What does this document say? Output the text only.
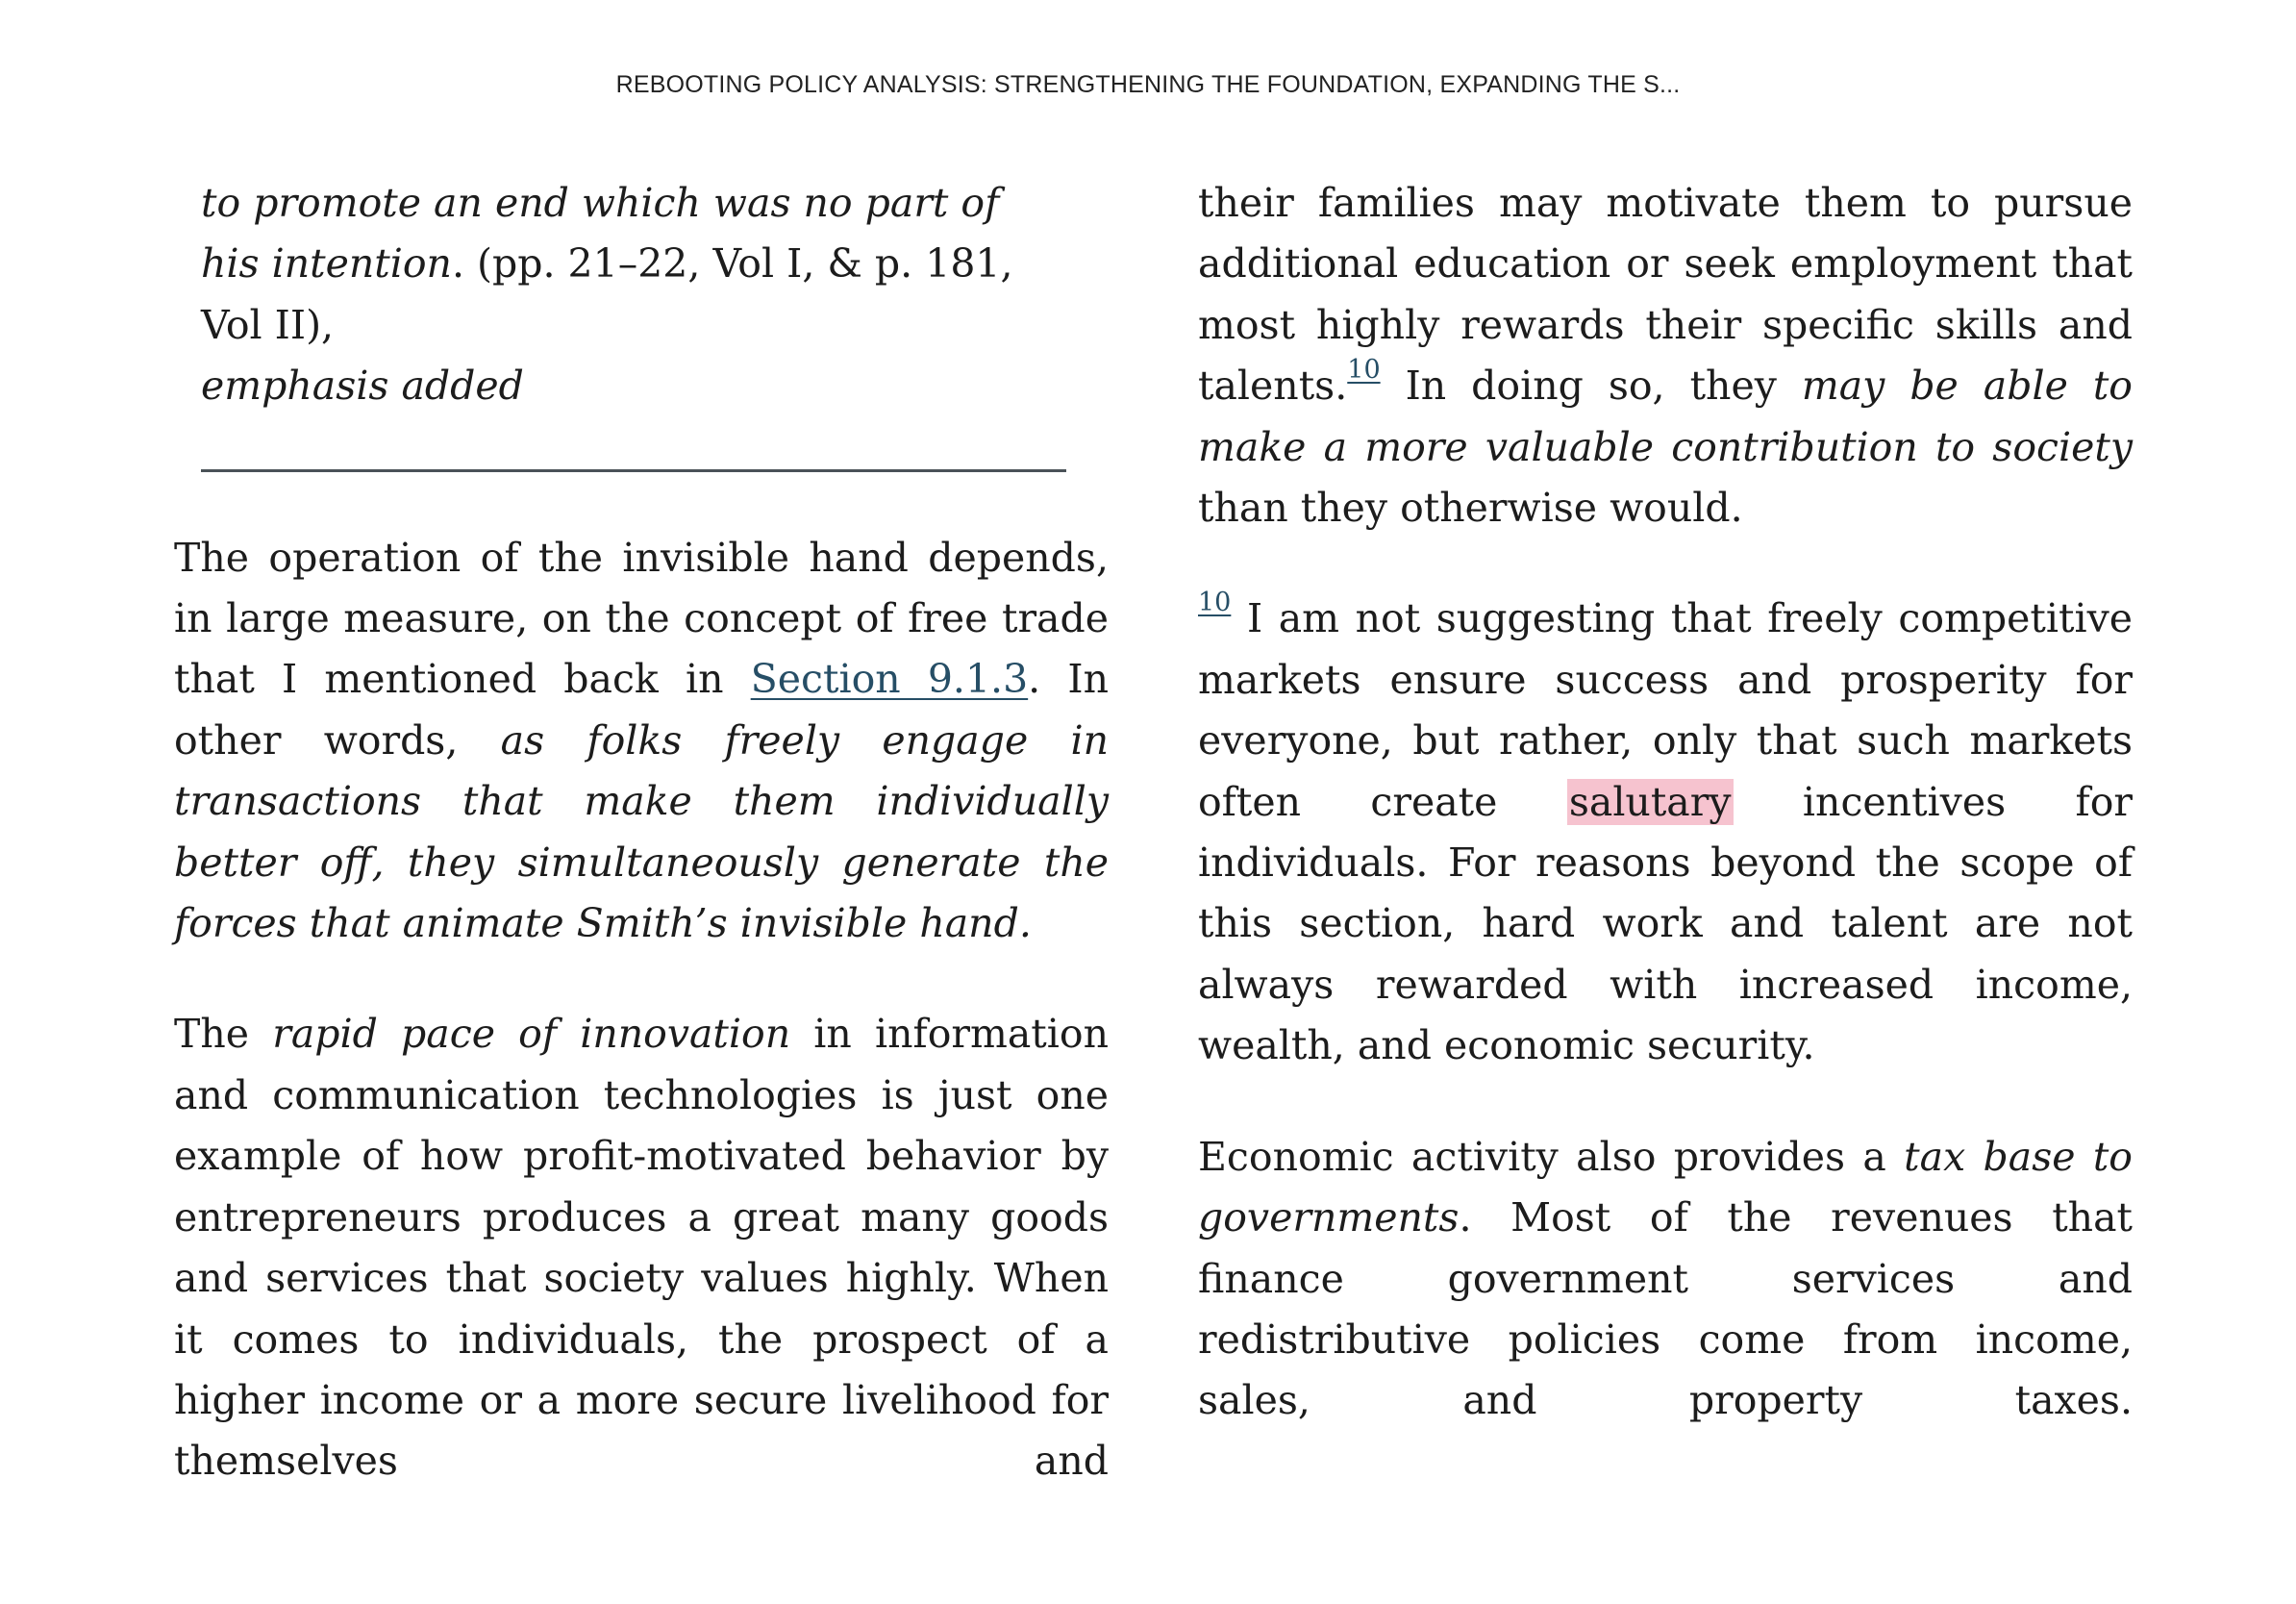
REBOOTING POLICY ANALYSIS: STRENGTHENING THE FOUNDATION, EXPANDING THE S...
to promote an end which was no part of his intention. (pp. 21–22, Vol I, & p. 181, Vol II),
emphasis added

The operation of the invisible hand depends, in large measure, on the concept of free trade that I mentioned back in Section 9.1.3. In other words, as folks freely engage in transactions that make them individually better off, they simultaneously generate the forces that animate Smith’s invisible hand.

The rapid pace of innovation in information and communication technologies is just one example of how profit-motivated behavior by entrepreneurs produces a great many goods and services that society values highly. When it comes to individuals, the prospect of a higher income or a more secure livelihood for themselves and

their families may motivate them to pursue additional education or seek employment that most highly rewards their specific skills and talents.$^{10}$ In doing so, they may be able to make a more valuable contribution to society than they otherwise would.

$^{10}$ I am not suggesting that freely competitive markets ensure success and prosperity for everyone, but rather, only that such markets often create salutary incentives for individuals. For reasons beyond the scope of this section, hard work and talent are not always rewarded with increased income, wealth, and economic security.

Economic activity also provides a tax base to governments. Most of the revenues that finance government services and redistributive policies come from income, sales, and property taxes.
